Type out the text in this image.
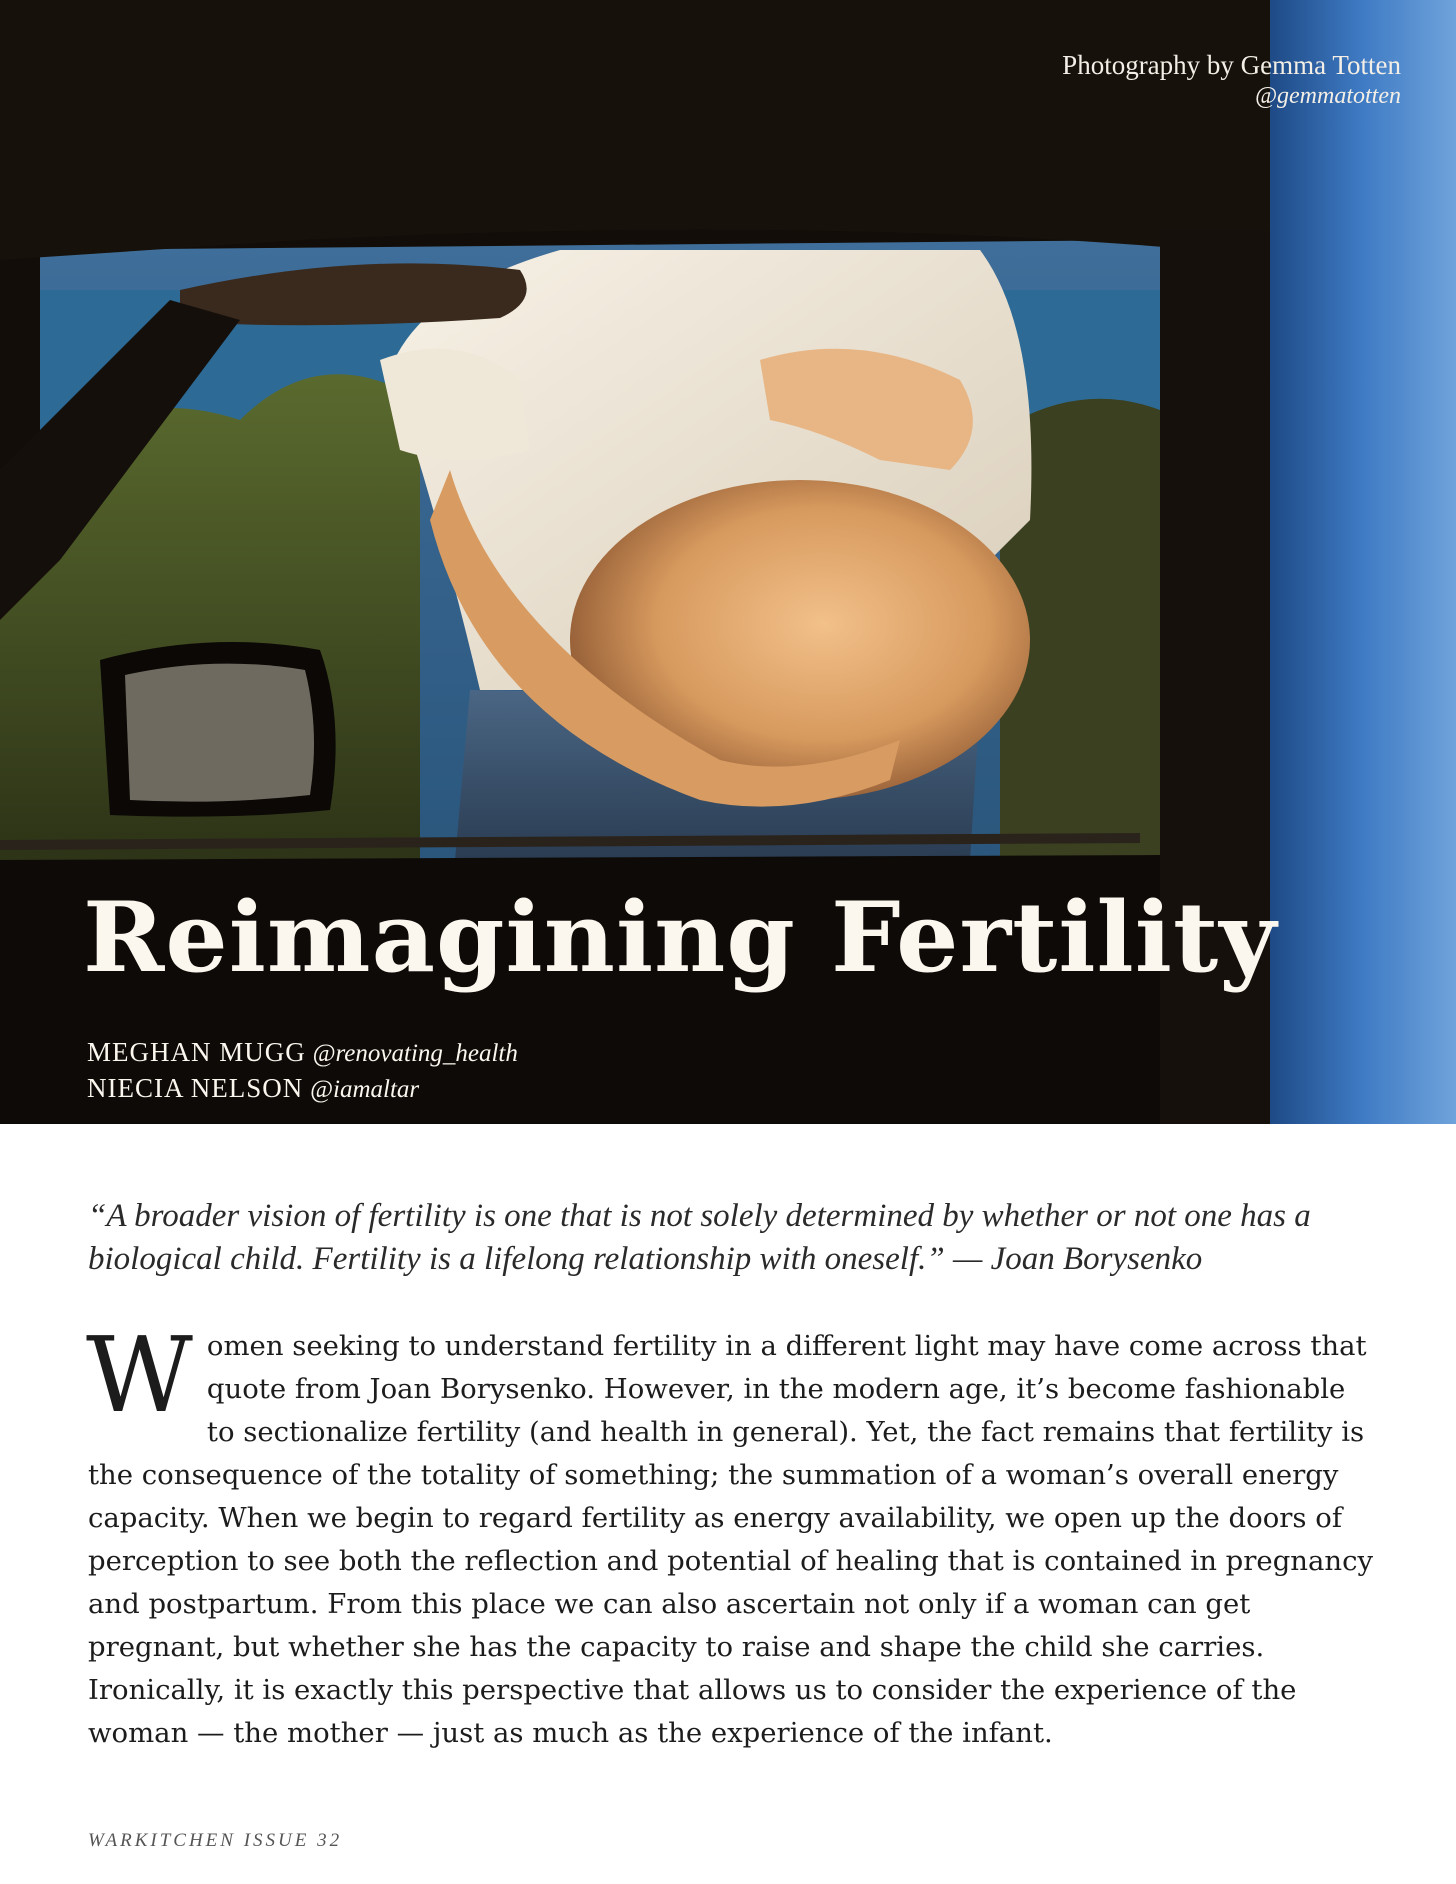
Photography by Gemma Totten
@gemmatotten
Reimagining Fertility
MEGHAN MUGG @renovating_health
NIECIA NELSON @iamaltar
“A broader vision of fertility is one that is not solely determined by whether or not one has a biological child. Fertility is a lifelong relationship with oneself.” — Joan Borysenko
Women seeking to understand fertility in a different light may have come across that quote from Joan Borysenko. However, in the modern age, it’s become fashionable to sectionalize fertility (and health in general). Yet, the fact remains that fertility is the consequence of the totality of something; the summation of a woman’s overall energy capacity. When we begin to regard fertility as energy availability, we open up the doors of perception to see both the reflection and potential of healing that is contained in pregnancy and postpartum. From this place we can also ascertain not only if a woman can get pregnant, but whether she has the capacity to raise and shape the child she carries. Ironically, it is exactly this perspective that allows us to consider the experience of the woman — the mother — just as much as the experience of the infant.
WARKITCHEN ISSUE 32
